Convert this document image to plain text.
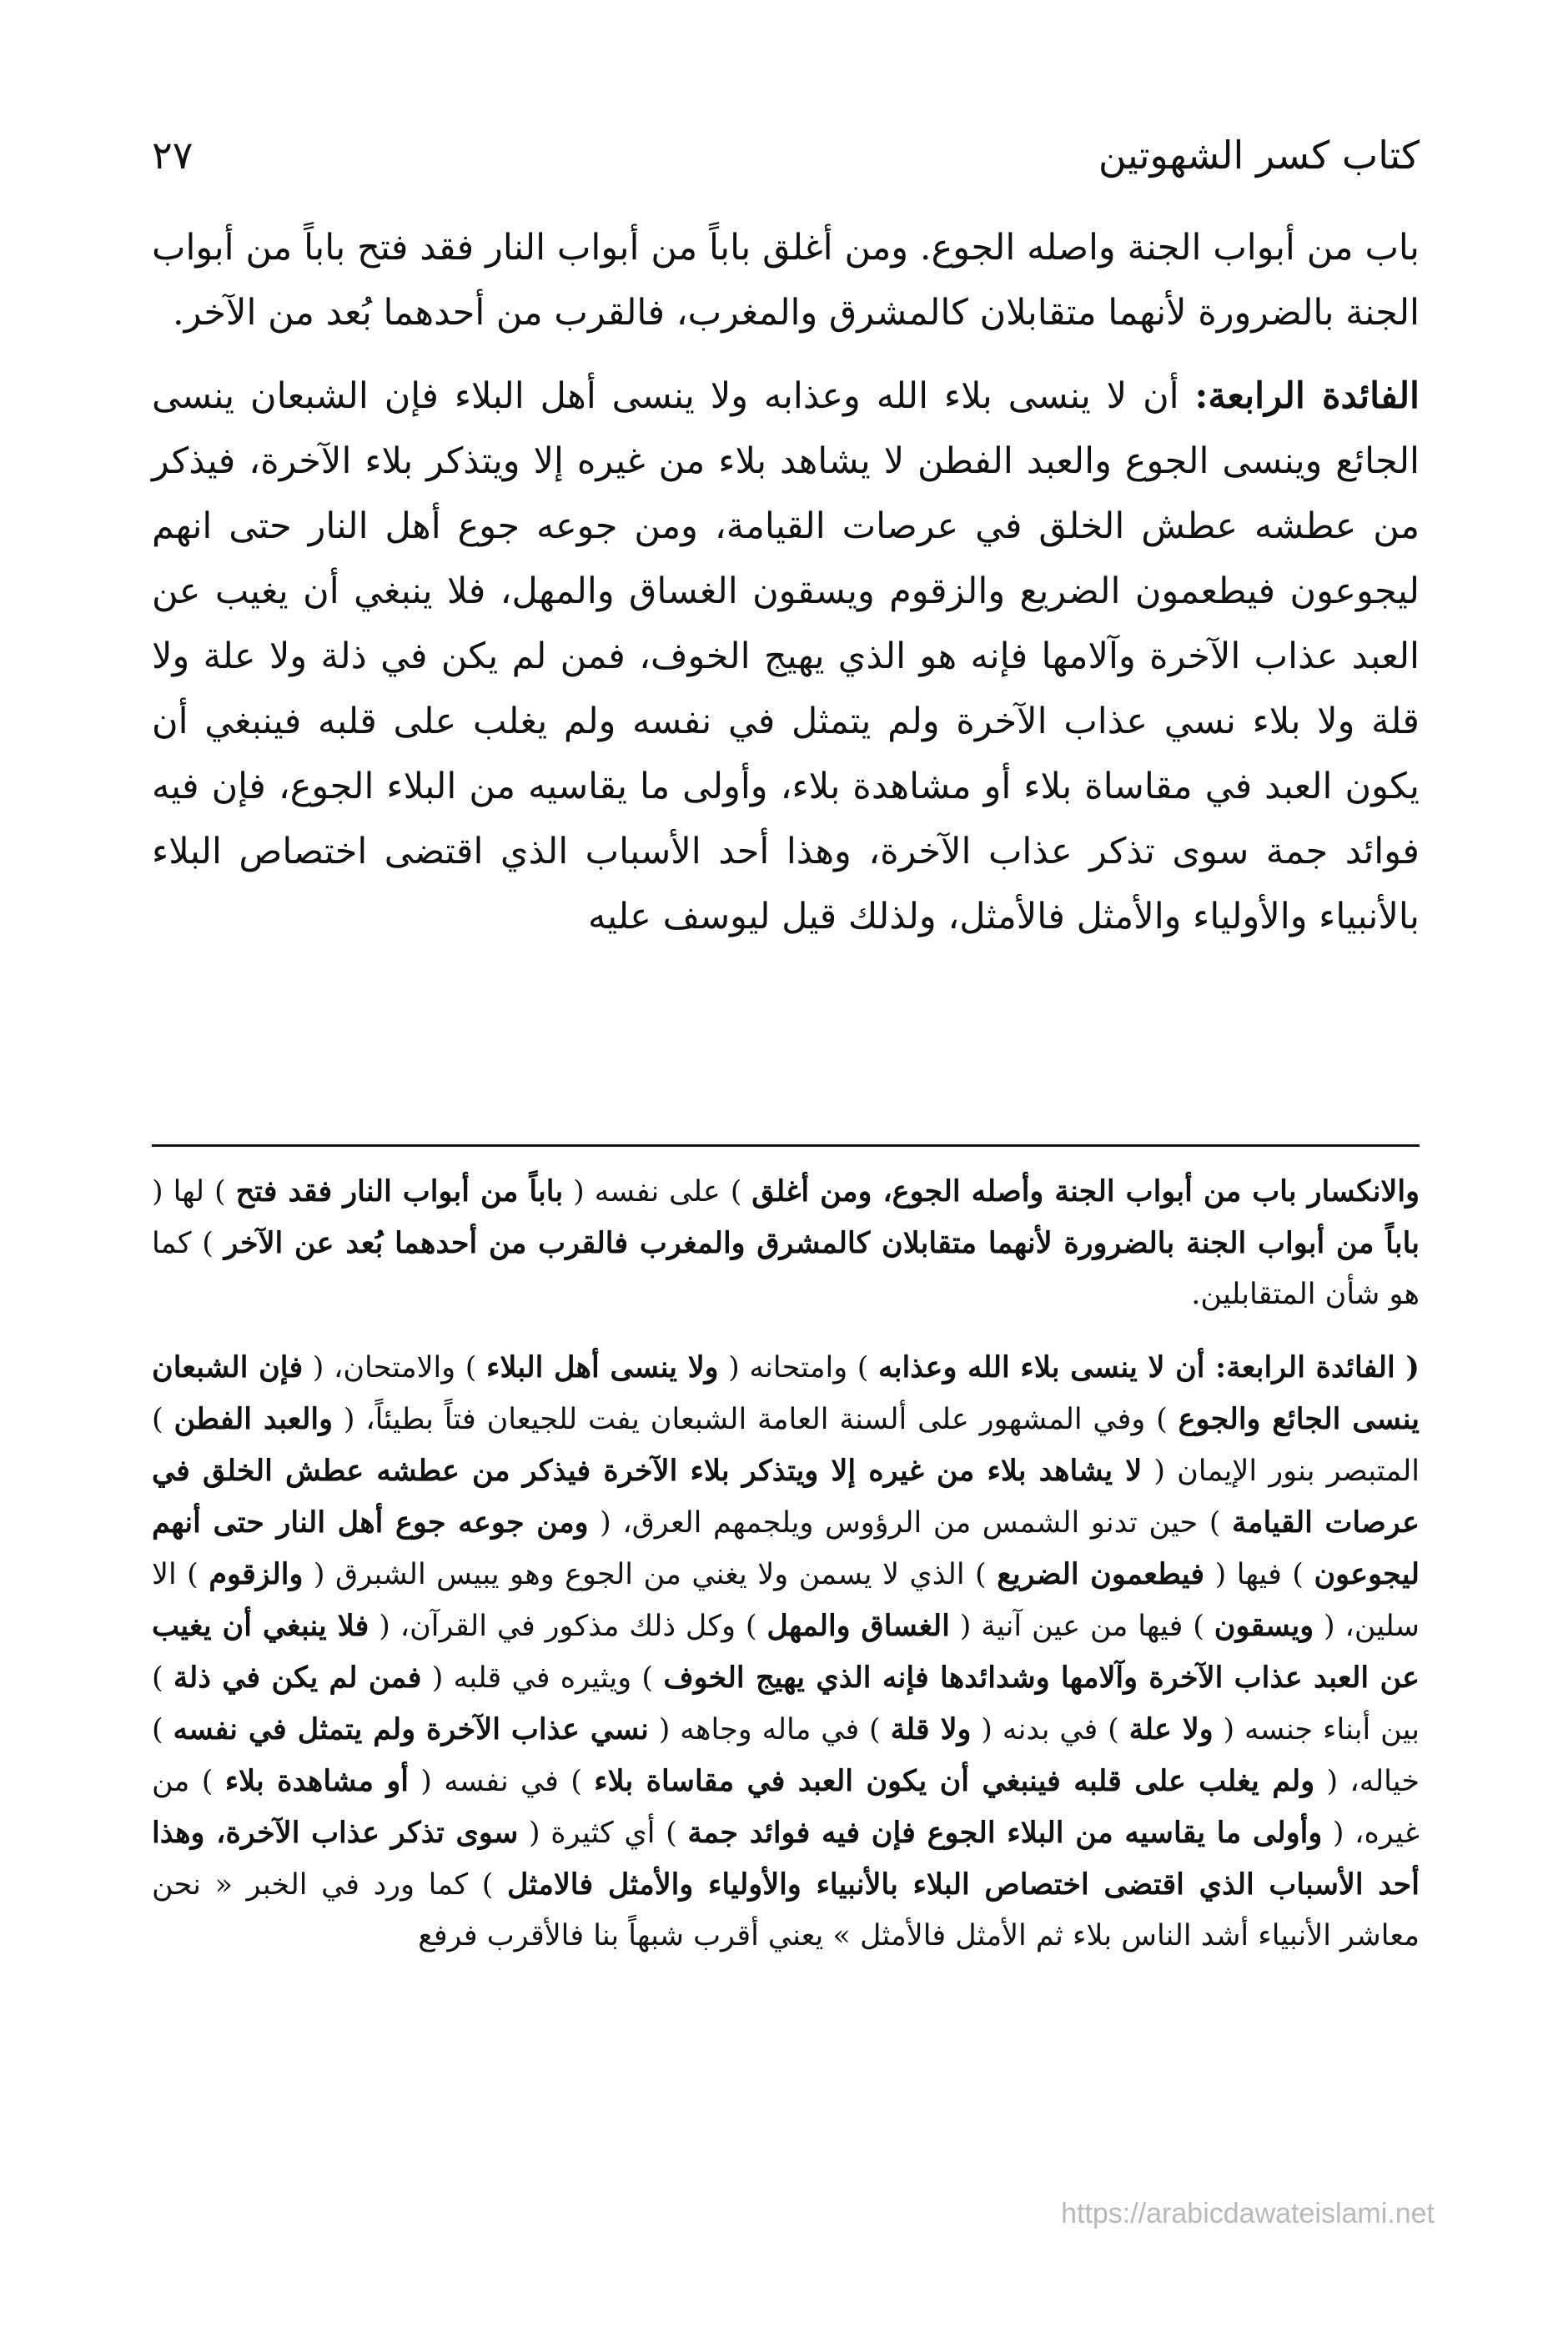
كتاب كسر الشهوتين
٢٧

باب من أبواب الجنة واصله الجوع. ومن أغلق باباً من أبواب النار فقد فتح باباً من أبواب الجنة بالضرورة لأنهما متقابلان كالمشرق والمغرب، فالقرب من أحدهما بُعد من الآخر.

الفائدة الرابعة: أن لا ينسى بلاء الله وعذابه ولا ينسى أهل البلاء فإن الشبعان ينسى الجائع وينسى الجوع والعبد الفطن لا يشاهد بلاء من غيره إلا ويتذكر بلاء الآخرة، فيذكر من عطشه عطش الخلق في عرصات القيامة، ومن جوعه جوع أهل النار حتى انهم ليجوعون فيطعمون الضريع والزقوم ويسقون الغساق والمهل، فلا ينبغي أن يغيب عن العبد عذاب الآخرة وآلامها فإنه هو الذي يهيج الخوف، فمن لم يكن في ذلة ولا علة ولا قلة ولا بلاء نسي عذاب الآخرة ولم يتمثل في نفسه ولم يغلب على قلبه فينبغي أن يكون العبد في مقاساة بلاء أو مشاهدة بلاء، وأولى ما يقاسيه من البلاء الجوع، فإن فيه فوائد جمة سوى تذكر عذاب الآخرة، وهذا أحد الأسباب الذي اقتضى اختصاص البلاء بالأنبياء والأولياء والأمثل فالأمثل، ولذلك قيل ليوسف عليه

والانكسار باب من أبواب الجنة وأصله الجوع، ومن أغلق ) على نفسه ( باباً من أبواب النار فقد فتح ) لها ( باباً من أبواب الجنة بالضرورة لأنهما متقابلان كالمشرق والمغرب فالقرب من أحدهما بُعد عن الآخر ) كما هو شأن المتقابلين.

( الفائدة الرابعة: أن لا ينسى بلاء الله وعذابه ) وامتحانه ( ولا ينسى أهل البلاء ) والامتحان، ( فإن الشبعان ينسى الجائع والجوع ) وفي المشهور على ألسنة العامة الشبعان يفت للجيعان فتاً بطيئاً، ( والعبد الفطن ) المتبصر بنور الإيمان ( لا يشاهد بلاء من غيره إلا ويتذكر بلاء الآخرة فيذكر من عطشه عطش الخلق في عرصات القيامة ) حين تدنو الشمس من الرؤوس ويلجمهم العرق، ( ومن جوعه جوع أهل النار حتى أنهم ليجوعون ) فيها ( فيطعمون الضريع ) الذي لا يسمن ولا يغني من الجوع وهو يبيس الشبرق ( والزقوم ) الا سلين، ( ويسقون ) فيها من عين آنية ( الغساق والمهل ) وكل ذلك مذكور في القرآن، ( فلا ينبغي أن يغيب عن العبد عذاب الآخرة وآلامها وشدائدها فإنه الذي يهيج الخوف ) ويثيره في قلبه ( فمن لم يكن في ذلة ) بين أبناء جنسه ( ولا علة ) في بدنه ( ولا قلة ) في ماله وجاهه ( نسي عذاب الآخرة ولم يتمثل في نفسه ) خياله، ( ولم يغلب على قلبه فينبغي أن يكون العبد في مقاساة بلاء ) في نفسه ( أو مشاهدة بلاء ) من غيره، ( وأولى ما يقاسيه من البلاء الجوع فإن فيه فوائد جمة ) أي كثيرة ( سوى تذكر عذاب الآخرة، وهذا أحد الأسباب الذي اقتضى اختصاص البلاء بالأنبياء والأولياء والأمثل فالامثل ) كما ورد في الخبر « نحن معاشر الأنبياء أشد الناس بلاء ثم الأمثل فالأمثل » يعني أقرب شبهاً بنا فالأقرب فرفع

https://arabicdawateislami.net
